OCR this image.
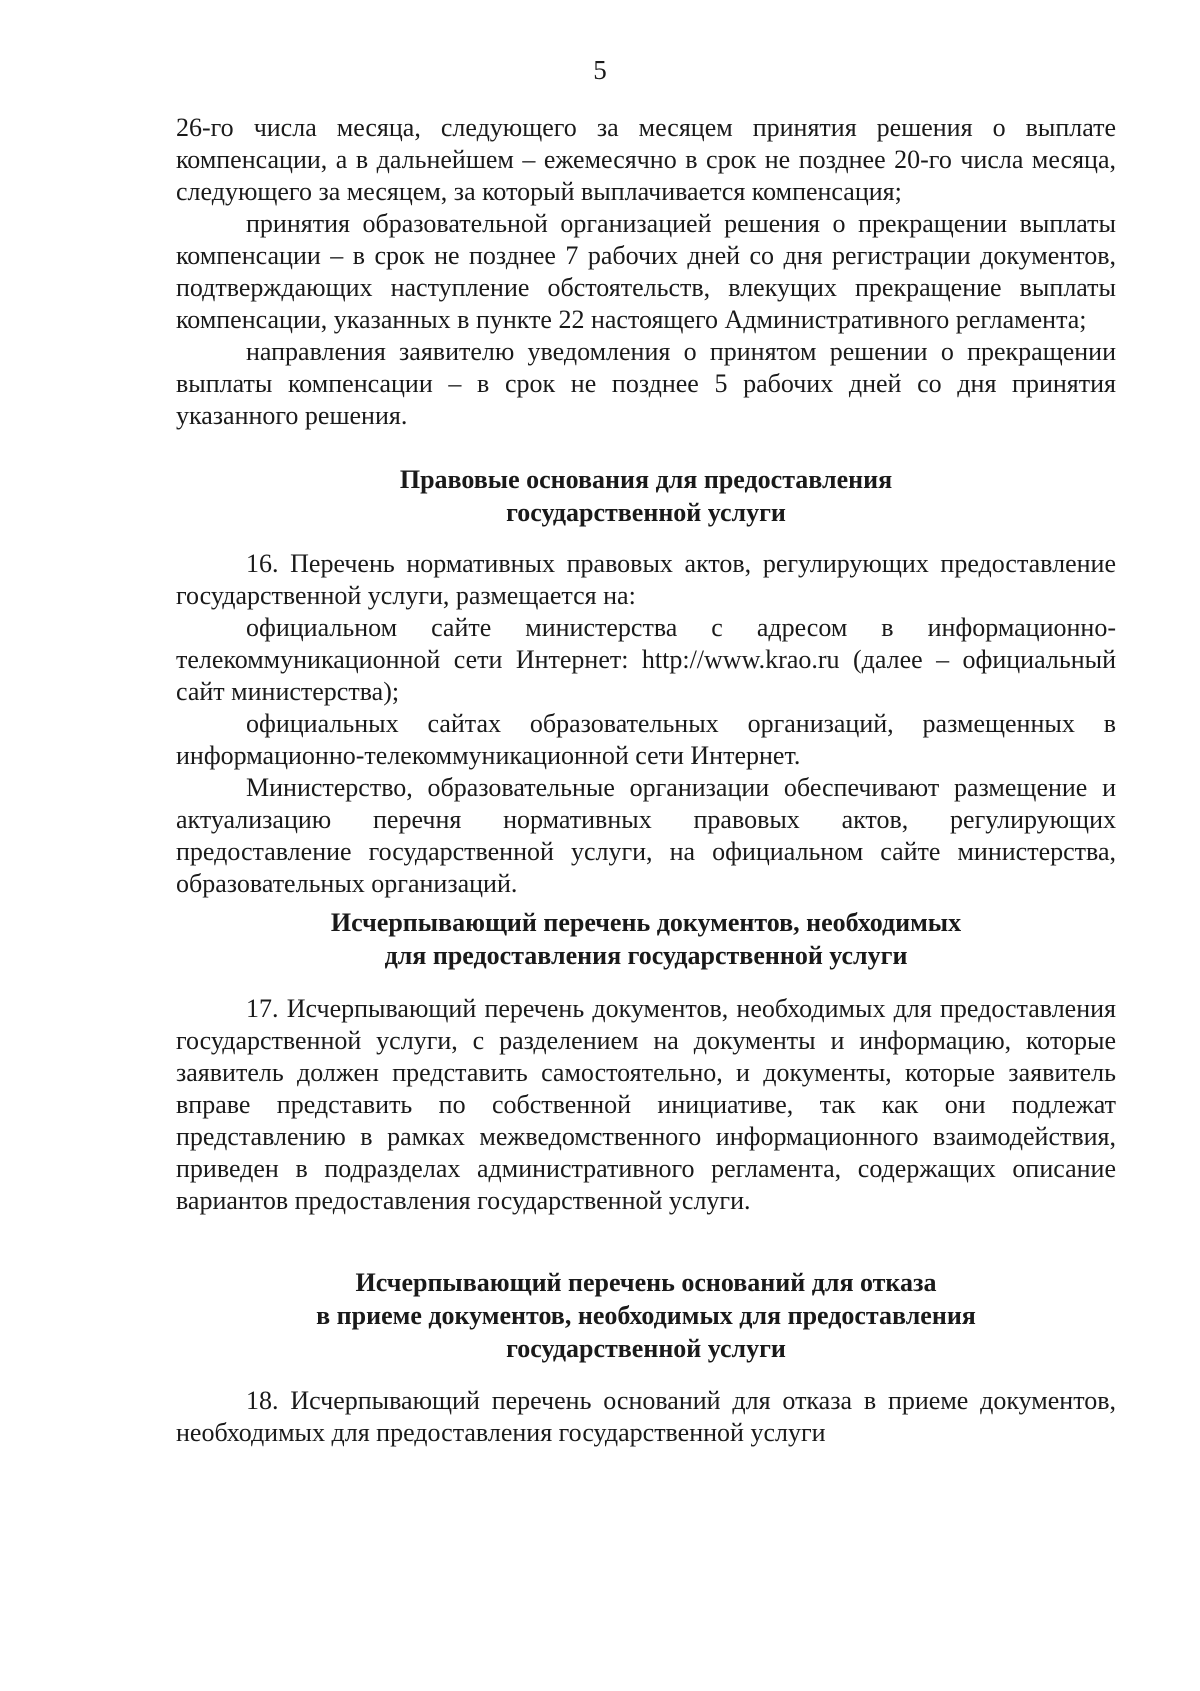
5

26-го числа месяца, следующего за месяцем принятия решения о выплате компенсации, а в дальнейшем – ежемесячно в срок не позднее 20-го числа месяца, следующего за месяцем, за который выплачивается компенсация;

принятия образовательной организацией решения о прекращении выплаты компенсации – в срок не позднее 7 рабочих дней со дня регистрации документов, подтверждающих наступление обстоятельств, влекущих прекращение выплаты компенсации, указанных в пункте 22 настоящего Административного регламента;

направления заявителю уведомления о принятом решении о прекращении выплаты компенсации – в срок не позднее 5 рабочих дней со дня принятия указанного решения.

Правовые основания для предоставления
государственной услуги

16. Перечень нормативных правовых актов, регулирующих предоставление государственной услуги, размещается на:

официальном сайте министерства с адресом в информационно-телекоммуникационной сети Интернет: http://www.krao.ru (далее – официальный сайт министерства);

официальных сайтах образовательных организаций, размещенных в информационно-телекоммуникационной сети Интернет.

Министерство, образовательные организации обеспечивают размещение и актуализацию перечня нормативных правовых актов, регулирующих предоставление государственной услуги, на официальном сайте министерства, образовательных организаций.

Исчерпывающий перечень документов, необходимых
для предоставления государственной услуги

17. Исчерпывающий перечень документов, необходимых для предоставления государственной услуги, с разделением на документы и информацию, которые заявитель должен представить самостоятельно, и документы, которые заявитель вправе представить по собственной инициативе, так как они подлежат представлению в рамках межведомственного информационного взаимодействия, приведен в подразделах административного регламента, содержащих описание вариантов предоставления государственной услуги.

Исчерпывающий перечень оснований для отказа
в приеме документов, необходимых для предоставления
государственной услуги

18. Исчерпывающий перечень оснований для отказа в приеме документов, необходимых для предоставления государственной услуги
